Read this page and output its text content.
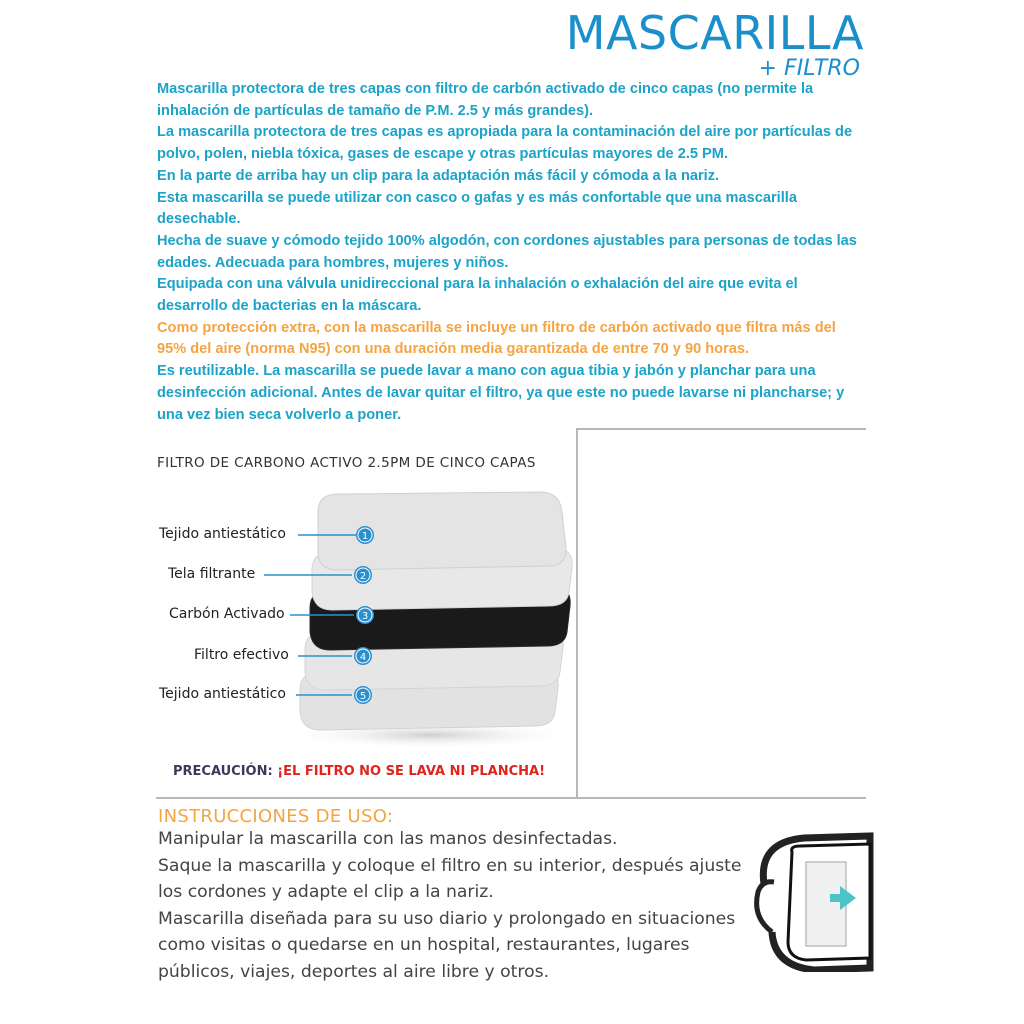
MASCARILLA
+ FILTRO

Mascarilla protectora de tres capas con filtro de carbón activado de cinco capas (no permite la inhalación de partículas de tamaño de P.M. 2.5 y más grandes).

La mascarilla protectora de tres capas es apropiada para la contaminación del aire por partículas de polvo, polen, niebla tóxica, gases de escape y otras partículas mayores de 2.5 PM.

En la parte de arriba hay un clip para la adaptación más fácil y cómoda a la nariz.

Esta mascarilla se puede utilizar con casco o gafas y es más confortable que una mascarilla desechable.

Hecha de suave y cómodo tejido 100% algodón, con cordones ajustables para personas de todas las edades. Adecuada para hombres, mujeres y niños.

Equipada con una válvula unidireccional para la inhalación o exhalación del aire que evita el desarrollo de bacterias en la máscara.

Como protección extra, con la mascarilla se incluye un filtro de carbón activado que filtra más del 95% del aire (norma N95) con una duración media garantizada de entre 70 y 90 horas.

Es reutilizable. La mascarilla se puede lavar a mano con agua tibia y jabón y planchar para una desinfección adicional. Antes de lavar quitar el filtro, ya que este no puede lavarse ni plancharse; y una vez bien seca volverlo a poner.

FILTRO DE CARBONO ACTIVO 2.5PM DE CINCO CAPAS
1
2
3
4
5
Tejido antiestático
Tela filtrante
Carbón Activado
Filtro efectivo
Tejido antiestático
PRECAUCIÓN: ¡EL FILTRO NO SE LAVA NI PLANCHA!
INSTRUCCIONES DE USO:

Manipular la mascarilla con las manos desinfectadas.

Saque la mascarilla y coloque el filtro en su interior, después ajuste los cordones y adapte el clip a la nariz.

Mascarilla diseñada para su uso diario y prolongado en situaciones como visitas o quedarse en un hospital, restaurantes, lugares públicos, viajes, deportes al aire libre y otros.
